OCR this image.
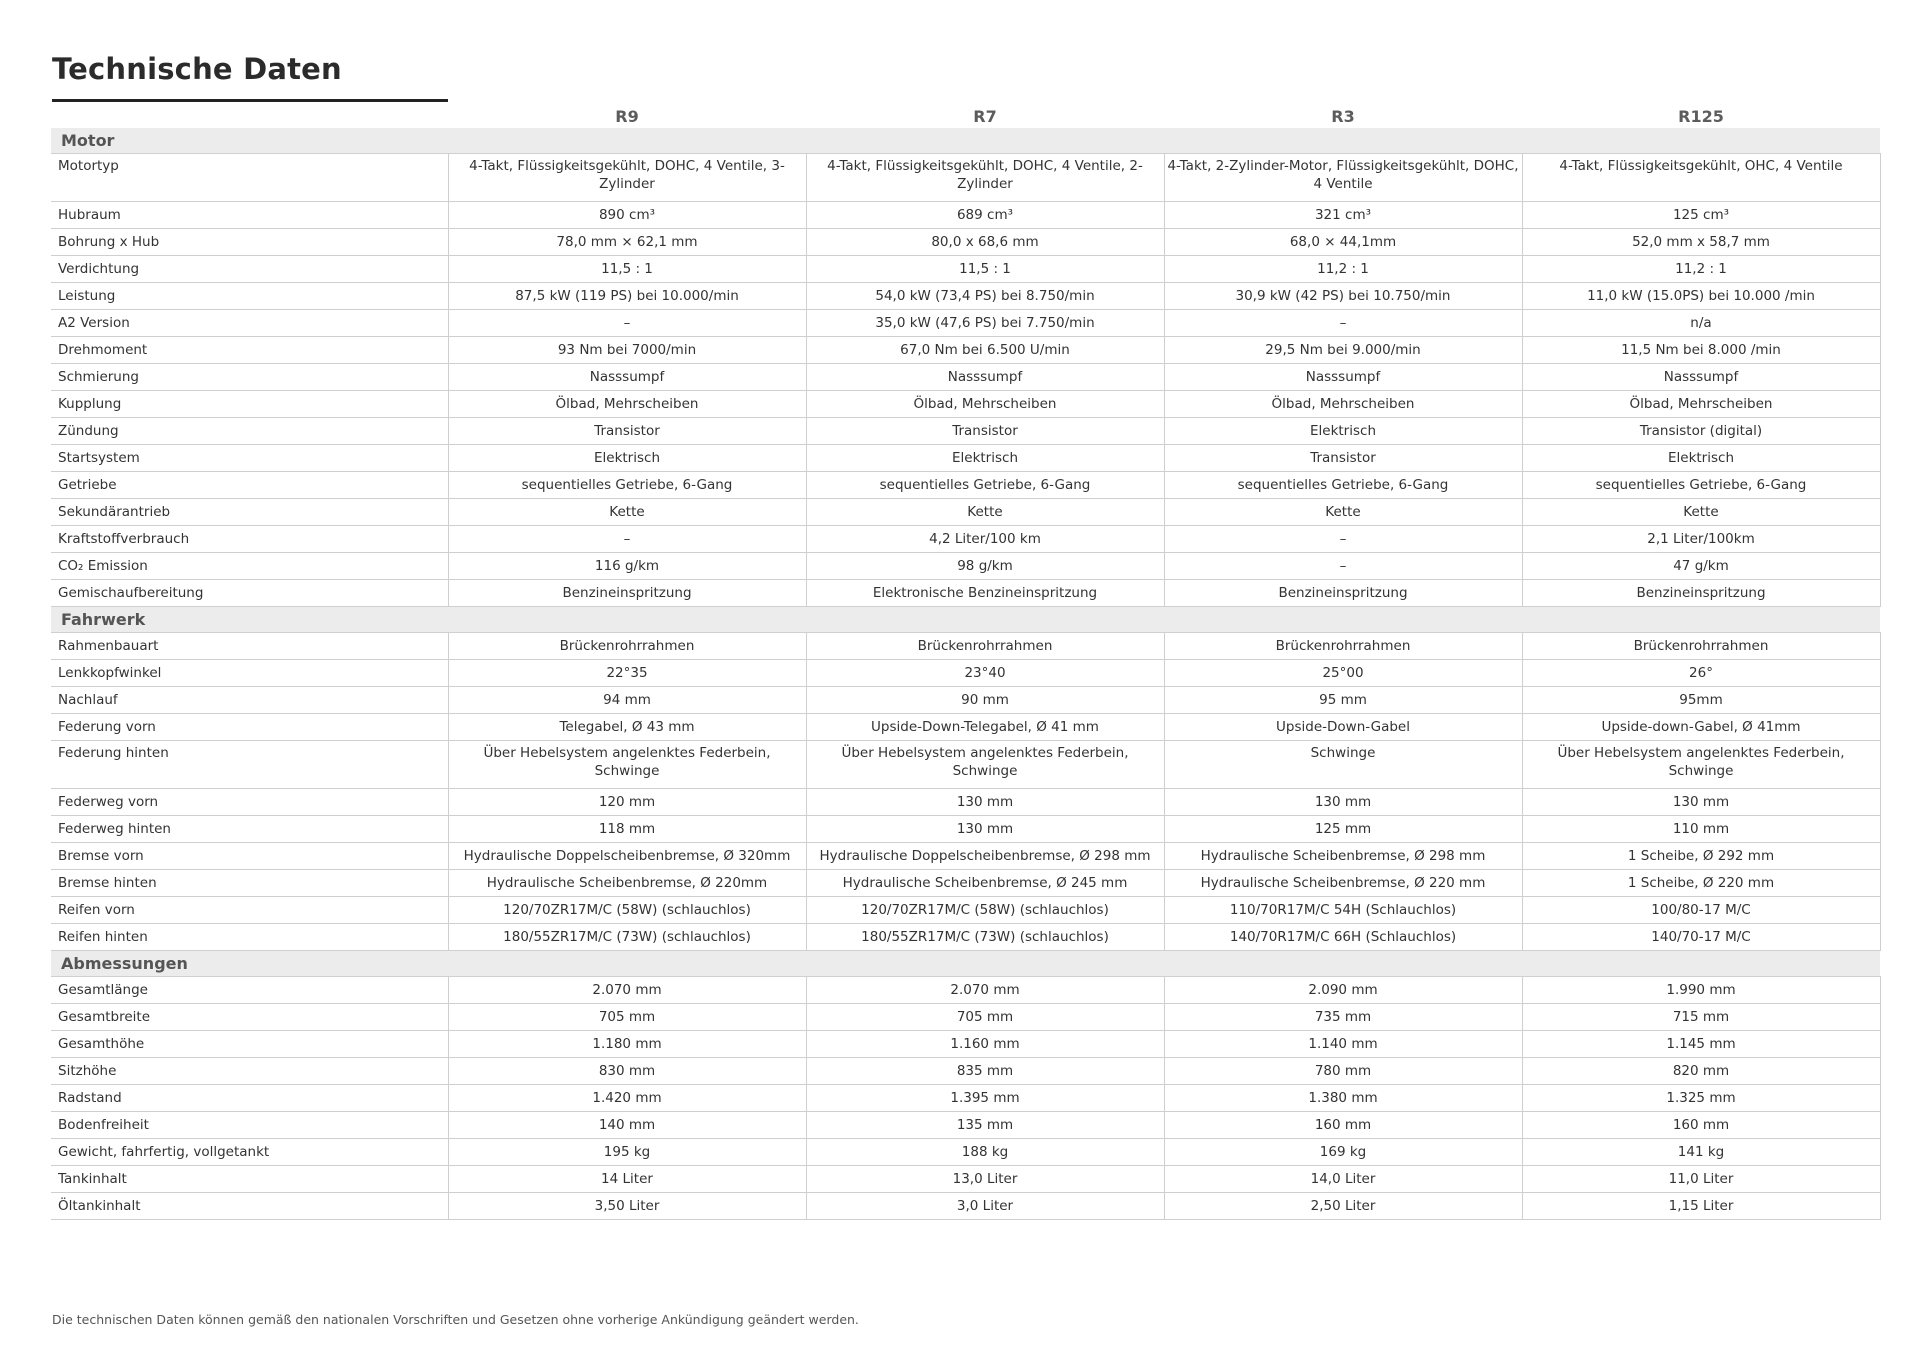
Technische Daten
	R9	R7	R3	R125
Motor				
Motortyp	4-Takt, Flüssigkeitsgekühlt, DOHC, 4 Ventile, 3-Zylinder	4-Takt, Flüssigkeitsgekühlt, DOHC, 4 Ventile, 2-Zylinder	4-Takt, 2-Zylinder-Motor, Flüssigkeitsgekühlt, DOHC, 4 Ventile	4-Takt, Flüssigkeitsgekühlt, OHC, 4 Ventile
Hubraum	890 cm³	689 cm³	321 cm³	125 cm³
Bohrung x Hub	78,0 mm × 62,1 mm	80,0 x 68,6 mm	68,0 × 44,1mm	52,0 mm x 58,7 mm
Verdichtung	11,5 : 1	11,5 : 1	11,2 : 1	11,2 : 1
Leistung	87,5 kW (119 PS) bei 10.000/min	54,0 kW (73,4 PS) bei 8.750/min	30,9 kW (42 PS) bei 10.750/min	11,0 kW (15.0PS) bei 10.000 /min
A2 Version	–	35,0 kW (47,6 PS) bei 7.750/min	–	n/a
Drehmoment	93 Nm bei 7000/min	67,0 Nm bei 6.500 U/min	29,5 Nm bei 9.000/min	11,5 Nm bei 8.000 /min
Schmierung	Nasssumpf	Nasssumpf	Nasssumpf	Nasssumpf
Kupplung	Ölbad, Mehrscheiben	Ölbad, Mehrscheiben	Ölbad, Mehrscheiben	Ölbad, Mehrscheiben
Zündung	Transistor	Transistor	Elektrisch	Transistor (digital)
Startsystem	Elektrisch	Elektrisch	Transistor	Elektrisch
Getriebe	sequentielles Getriebe, 6-Gang	sequentielles Getriebe, 6-Gang	sequentielles Getriebe, 6-Gang	sequentielles Getriebe, 6-Gang
Sekundärantrieb	Kette	Kette	Kette	Kette
Kraftstoffverbrauch	–	4,2 Liter/100 km	–	2,1 Liter/100km
CO₂ Emission	116 g/km	98 g/km	–	47 g/km
Gemischaufbereitung	Benzineinspritzung	Elektronische Benzineinspritzung	Benzineinspritzung	Benzineinspritzung
Fahrwerk				
Rahmenbauart	Brückenrohrrahmen	Brückenrohrrahmen	Brückenrohrrahmen	Brückenrohrrahmen
Lenkkopfwinkel	22°35	23°40	25°00	26°
Nachlauf	94 mm	90 mm	95 mm	95mm
Federung vorn	Telegabel, Ø 43 mm	Upside-Down-Telegabel, Ø 41 mm	Upside-Down-Gabel	Upside-down-Gabel, Ø 41mm
Federung hinten	Über Hebelsystem angelenktes Federbein, Schwinge	Über Hebelsystem angelenktes Federbein, Schwinge	Schwinge	Über Hebelsystem angelenktes Federbein, Schwinge
Federweg vorn	120 mm	130 mm	130 mm	130 mm
Federweg hinten	118 mm	130 mm	125 mm	110 mm
Bremse vorn	Hydraulische Doppelscheibenbremse, Ø 320mm	Hydraulische Doppelscheibenbremse, Ø 298 mm	Hydraulische Scheibenbremse, Ø 298 mm	1 Scheibe, Ø 292 mm
Bremse hinten	Hydraulische Scheibenbremse, Ø 220mm	Hydraulische Scheibenbremse, Ø 245 mm	Hydraulische Scheibenbremse, Ø 220 mm	1 Scheibe, Ø 220 mm
Reifen vorn	120/70ZR17M/C (58W) (schlauchlos)	120/70ZR17M/C (58W) (schlauchlos)	110/70R17M/C 54H (Schlauchlos)	100/80-17 M/C
Reifen hinten	180/55ZR17M/C (73W) (schlauchlos)	180/55ZR17M/C (73W) (schlauchlos)	140/70R17M/C 66H (Schlauchlos)	140/70-17 M/C
Abmessungen				
Gesamtlänge	2.070 mm	2.070 mm	2.090 mm	1.990 mm
Gesamtbreite	705 mm	705 mm	735 mm	715 mm
Gesamthöhe	1.180 mm	1.160 mm	1.140 mm	1.145 mm
Sitzhöhe	830 mm	835 mm	780 mm	820 mm
Radstand	1.420 mm	1.395 mm	1.380 mm	1.325 mm
Bodenfreiheit	140 mm	135 mm	160 mm	160 mm
Gewicht, fahrfertig, vollgetankt	195 kg	188 kg	169 kg	141 kg
Tankinhalt	14 Liter	13,0 Liter	14,0 Liter	11,0 Liter
Öltankinhalt	3,50 Liter	3,0 Liter	2,50 Liter	1,15 Liter
Die technischen Daten können gemäß den nationalen Vorschriften und Gesetzen ohne vorherige Ankündigung geändert werden.
